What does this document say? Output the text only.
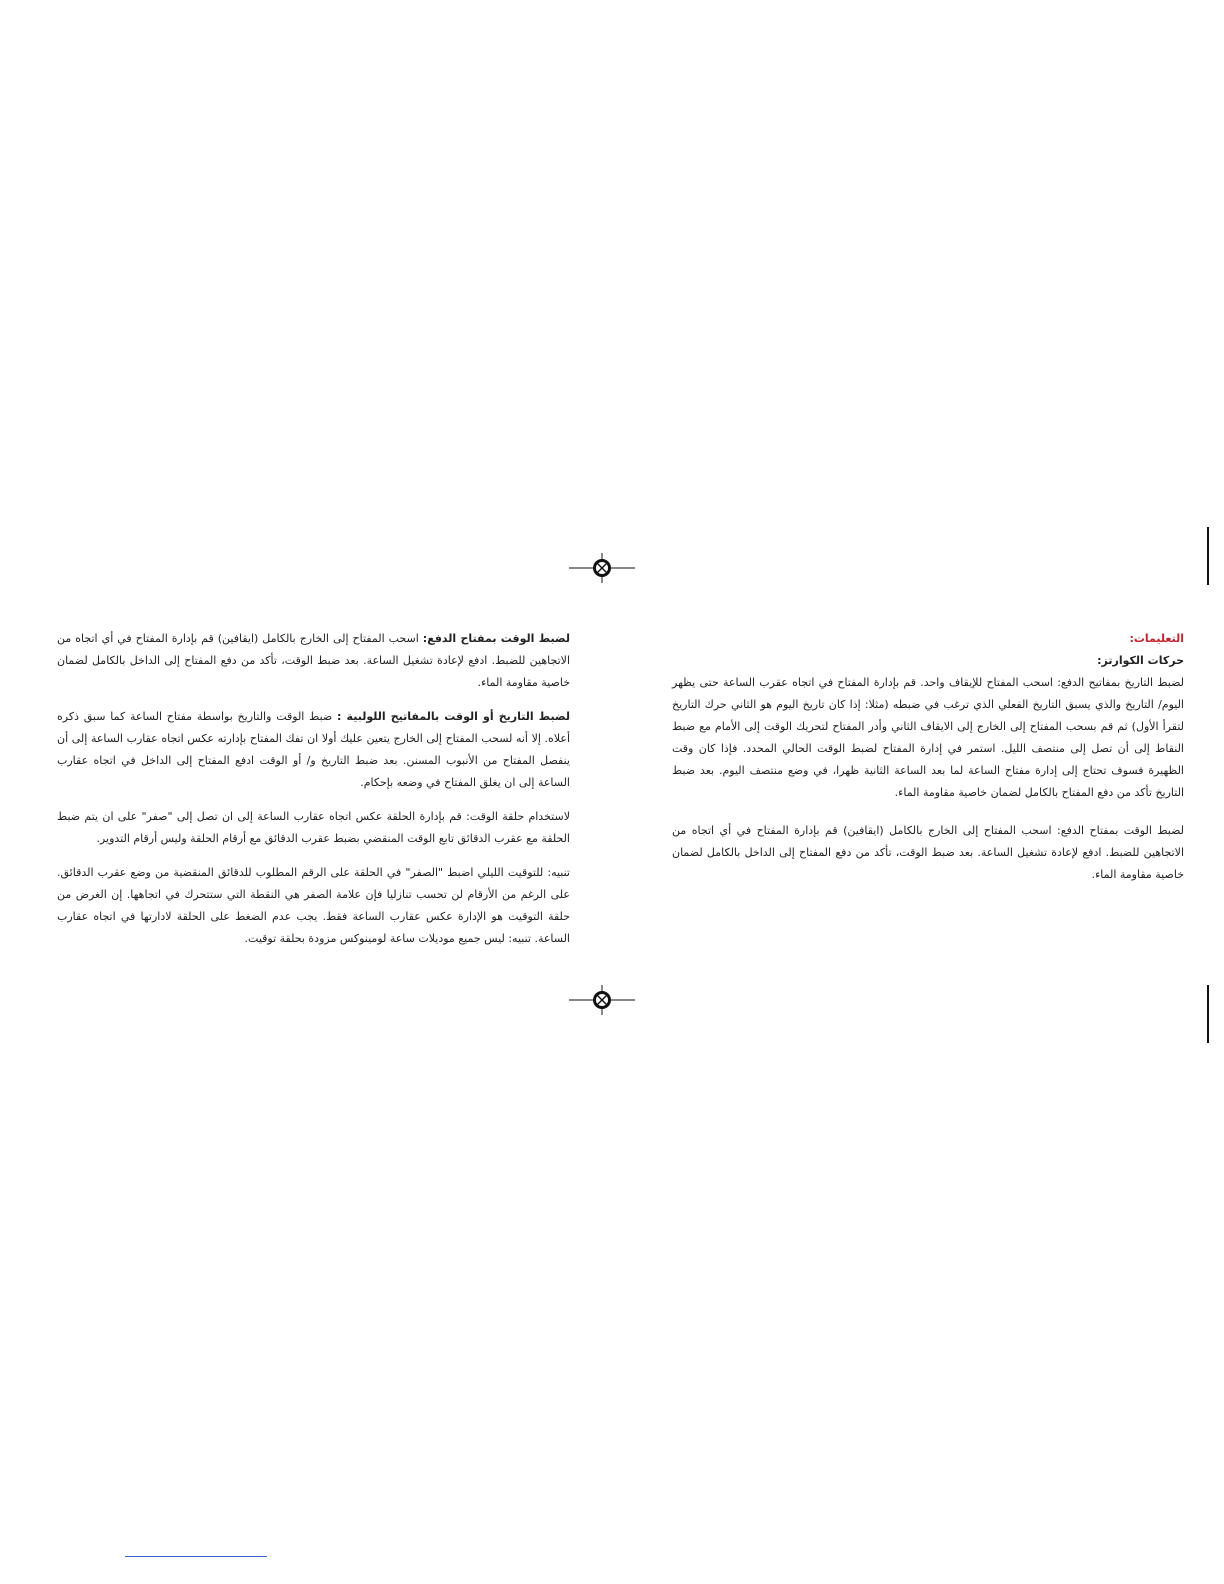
التعليمات:

حركات الكوارتز:

لضبط التاريخ بمفاتيح الدفع: اسحب المفتاح للإيقاف واحد. قم بإدارة المفتاح في اتجاه عقرب الساعة حتى يظهر اليوم/ التاريخ والذي يسبق التاريخ الفعلي الذي ترغب في ضبطه (مثلا: إذا كان تاريخ اليوم هو الثاني حرك التاريخ لتقرأ الأول) ثم قم بسحب المفتاح إلى الخارج إلى الايقاف الثاني وأدر المفتاح لتحريك الوقت إلى الأمام مع ضبط النقاط إلى أن تصل إلى منتصف الليل. استمر في إدارة المفتاح لضبط الوقت الحالي المحدد. فإذا كان وقت الظهيرة فسوف تحتاج إلى إدارة مفتاح الساعة لما بعد الساعة الثانية ظهرا، في وضع منتصف اليوم. بعد ضبط التاريخ تأكد من دفع المفتاح بالكامل لضمان خاصية مقاومة الماء.

لضبط الوقت بمفتاح الدفع: اسحب المفتاح إلى الخارج بالكامل (ايقافين) قم بإدارة المفتاح في أي اتجاه من الاتجاهين للضبط. ادفع لإعادة تشغيل الساعة. بعد ضبط الوقت، تأكد من دفع المفتاح إلى الداخل بالكامل لضمان خاصية مقاومة الماء.

لضبط الوقت بمفتاح الدفع: اسحب المفتاح إلى الخارج بالكامل (ايقافين) قم بإدارة المفتاح في أي اتجاه من الاتجاهين للضبط. ادفع لإعادة تشغيل الساعة. بعد ضبط الوقت، تأكد من دفع المفتاح إلى الداخل بالكامل لضمان خاصية مقاومة الماء.

لضبط التاريخ أو الوقت بالمفاتيح اللولبية : ضبط الوقت والتاريخ بواسطة مفتاح الساعة كما سبق ذكره أعلاه. إلا أنه لسحب المفتاح إلى الخارج يتعين عليك أولا ان تفك المفتاح بإدارته عكس اتجاه عقارب الساعة إلى أن ينفصل المفتاح من الأنبوب المسنن. بعد ضبط التاريخ و/ أو الوقت ادفع المفتاح إلى الداخل في اتجاه عقارب الساعة إلى ان يغلق المفتاح في وضعه بإحكام.

لاستخدام حلقة الوقت: قم بإدارة الحلقة عكس اتجاه عقارب الساعة إلى ان تصل إلى "صفر" على ان يتم ضبط الحلقة مع عقرب الدقائق تابع الوقت المنقضي بضبط عقرب الدقائق مع أرقام الحلقة وليس أرقام التدوير.

تنبيه: للتوقيت الليلي اضبط "الصفر" في الحلقة على الرقم المطلوب للدقائق المنقضية من وضع عقرب الدقائق. على الرغم من الأرقام لن تحسب تنازليا فإن علامة الصفر هي النقطة التي ستتحرك في اتجاهها. إن الغرض من حلقة التوقيت هو الإدارة عكس عقارب الساعة فقط. يجب عدم الضغط على الحلقة لادارتها في اتجاه عقارب الساعة. تنبيه: ليس جميع موديلات ساعة لومينوكس مزودة بحلقة توقيت.
